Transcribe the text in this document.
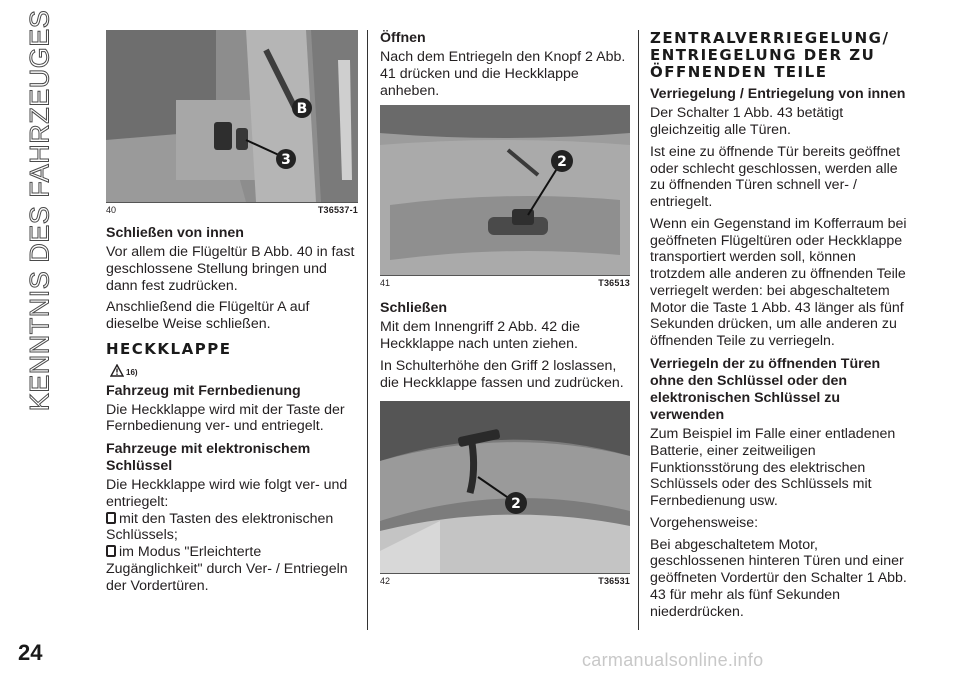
KENNTNIS DES FAHRZEUGES	3
B
40	T36537-1
Schließen von innen

Vor allem die Flügeltür B Abb. 40 in fast geschlossene Stellung bringen und dann fest zudrücken.

Anschließend die Flügeltür A auf dieselbe Weise schließen.

HECKKLAPPE
16)
Fahrzeug mit Fernbedienung

Die Heckklappe wird mit der Taste der Fernbedienung ver- und entriegelt.

Fahrzeuge mit elektronischem Schlüssel

Die Heckklappe wird wie folgt ver- und entriegelt:

mit den Tasten des elektronischen Schlüssels;
im Modus "Erleichterte Zugänglichkeit" durch Ver- / Entriegeln der Vordertüren.
Öffnen

Nach dem Entriegeln den Knopf 2 Abb. 41 drücken und die Heckklappe anheben.

2
41	T36513
Schließen

Mit dem Innengriff 2 Abb. 42 die Heckklappe nach unten ziehen.

In Schulterhöhe den Griff 2 loslassen, die Heckklappe fassen und zudrücken.

2
42	T36531
ZENTRALVERRIEGELUNG/ ENTRIEGELUNG DER ZU ÖFFNENDEN TEILE
Verriegelung / Entriegelung von innen

Der Schalter 1 Abb. 43 betätigt gleichzeitig alle Türen.

Ist eine zu öffnende Tür bereits geöffnet oder schlecht geschlossen, werden alle zu öffnenden Türen schnell ver- / entriegelt.

Wenn ein Gegenstand im Kofferraum bei geöffneten Flügeltüren oder Heckklappe transportiert werden soll, können trotzdem alle anderen zu öffnenden Teile verriegelt werden: bei abgeschaltetem Motor die Taste 1 Abb. 43 länger als fünf Sekunden drücken, um alle anderen zu öffnenden Teile zu verriegeln.

Verriegeln der zu öffnenden Türen ohne den Schlüssel oder den elektronischen Schlüssel zu verwenden

Zum Beispiel im Falle einer entladenen Batterie, einer zeitweiligen Funktionsstörung des elektrischen Schlüssels oder des Schlüssels mit Fernbedienung usw.

Vorgehensweise:

Bei abgeschaltetem Motor, geschlossenen hinteren Türen und einer geöffneten Vordertür den Schalter 1 Abb. 43 für mehr als fünf Sekunden niederdrücken.

24	carmanualsonline.info
